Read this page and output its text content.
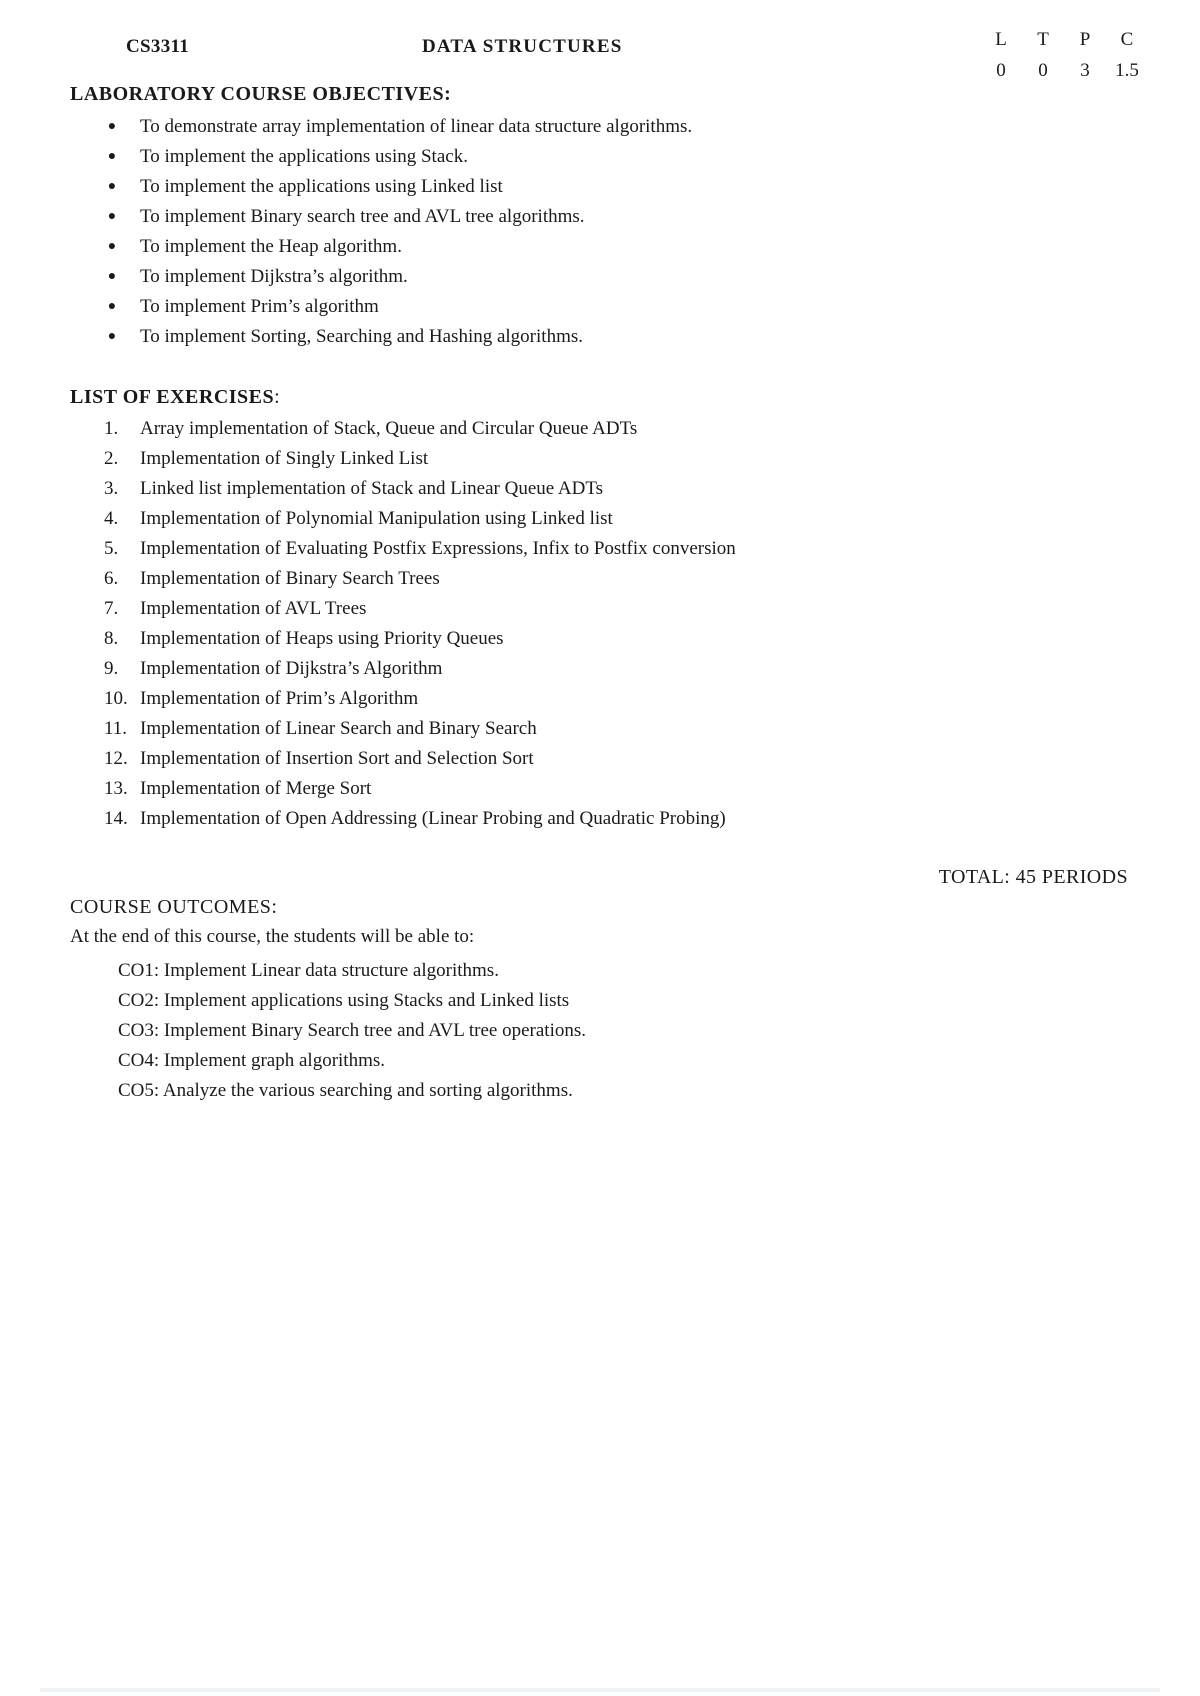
CS3311	DATA STRUCTURES	L	T	P	C
0	0	3	1.5
LABORATORY COURSE OBJECTIVES:
● To demonstrate array implementation of linear data structure algorithms.
● To implement the applications using Stack.
● To implement the applications using Linked list
● To implement Binary search tree and AVL tree algorithms.
● To implement the Heap algorithm.
● To implement Dijkstra’s algorithm.
● To implement Prim’s algorithm
● To implement Sorting, Searching and Hashing algorithms.
LIST OF EXERCISES:
1.	Array implementation of Stack, Queue and Circular Queue ADTs
2.	Implementation of Singly Linked List
3.	Linked list implementation of Stack and Linear Queue ADTs
4.	Implementation of Polynomial Manipulation using Linked list
5.	Implementation of Evaluating Postfix Expressions, Infix to Postfix conversion
6.	Implementation of Binary Search Trees
7.	Implementation of AVL Trees
8.	Implementation of Heaps using Priority Queues
9.	Implementation of Dijkstra’s Algorithm
10. Implementation of Prim’s Algorithm
11. Implementation of Linear Search and Binary Search
12. Implementation of Insertion Sort and Selection Sort
13. Implementation of Merge Sort
14. Implementation of Open Addressing (Linear Probing and Quadratic Probing)
TOTAL: 45 PERIODS
COURSE OUTCOMES:
At the end of this course, the students will be able to:
CO1: Implement Linear data structure algorithms.
CO2: Implement applications using Stacks and Linked lists
CO3: Implement Binary Search tree and AVL tree operations.
CO4: Implement graph algorithms.
CO5: Analyze the various searching and sorting algorithms.
